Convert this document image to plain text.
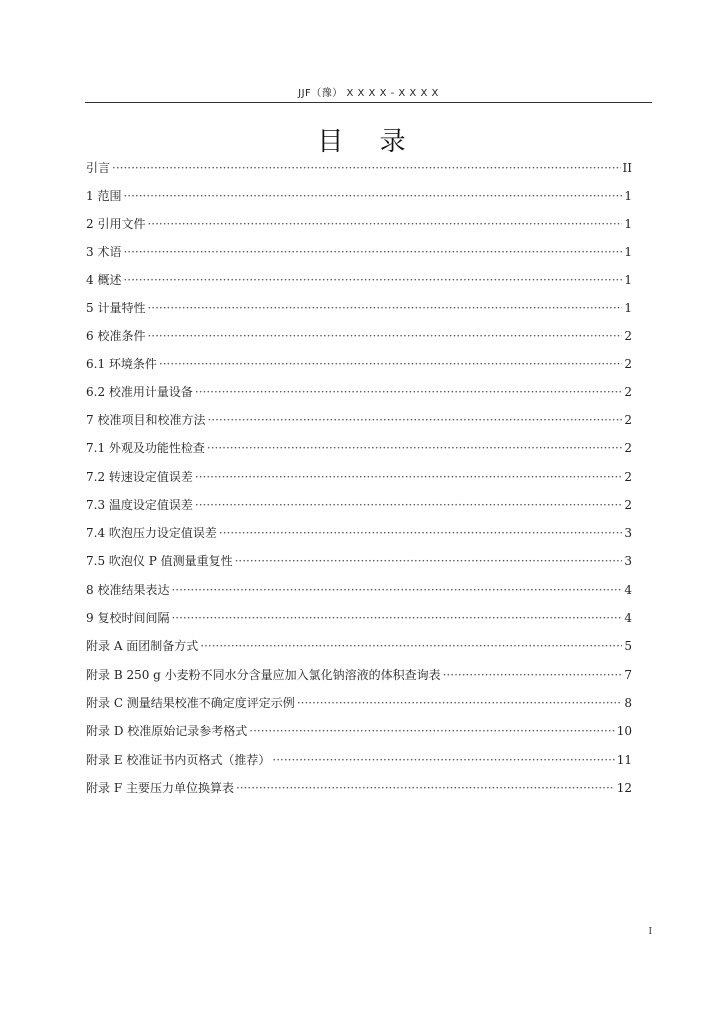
JJF（豫） X X X X - X X X X
目 录
引言 ·····	II
1 范围 ·····	1
2 引用文件 ·····	1
3 术语 ·····	1
4 概述 ·····	1
5 计量特性 ·····	1
6 校准条件 ·····	2
6.1 环境条件 ·····	2
6.2 校准用计量设备 ·····	2
7 校准项目和校准方法 ·····	2
7.1 外观及功能性检查 ·····	2
7.2 转速设定值误差 ·····	2
7.3 温度设定值误差 ·····	2
7.4 吹泡压力设定值误差 ·····	3
7.5 吹泡仪 P 值测量重复性 ·····	3
8 校准结果表达 ·····	4
9 复校时间间隔 ·····	4
附录 A 面团制备方式 ·····	5
附录 B 250 g 小麦粉不同水分含量应加入氯化钠溶液的体积查询表 ·····	7
附录 C 测量结果校准不确定度评定示例 ·····	8
附录 D 校准原始记录参考格式 ·····	10
附录 E 校准证书内页格式（推荐） ·····	11
附录 F 主要压力单位换算表 ·····	12
I
